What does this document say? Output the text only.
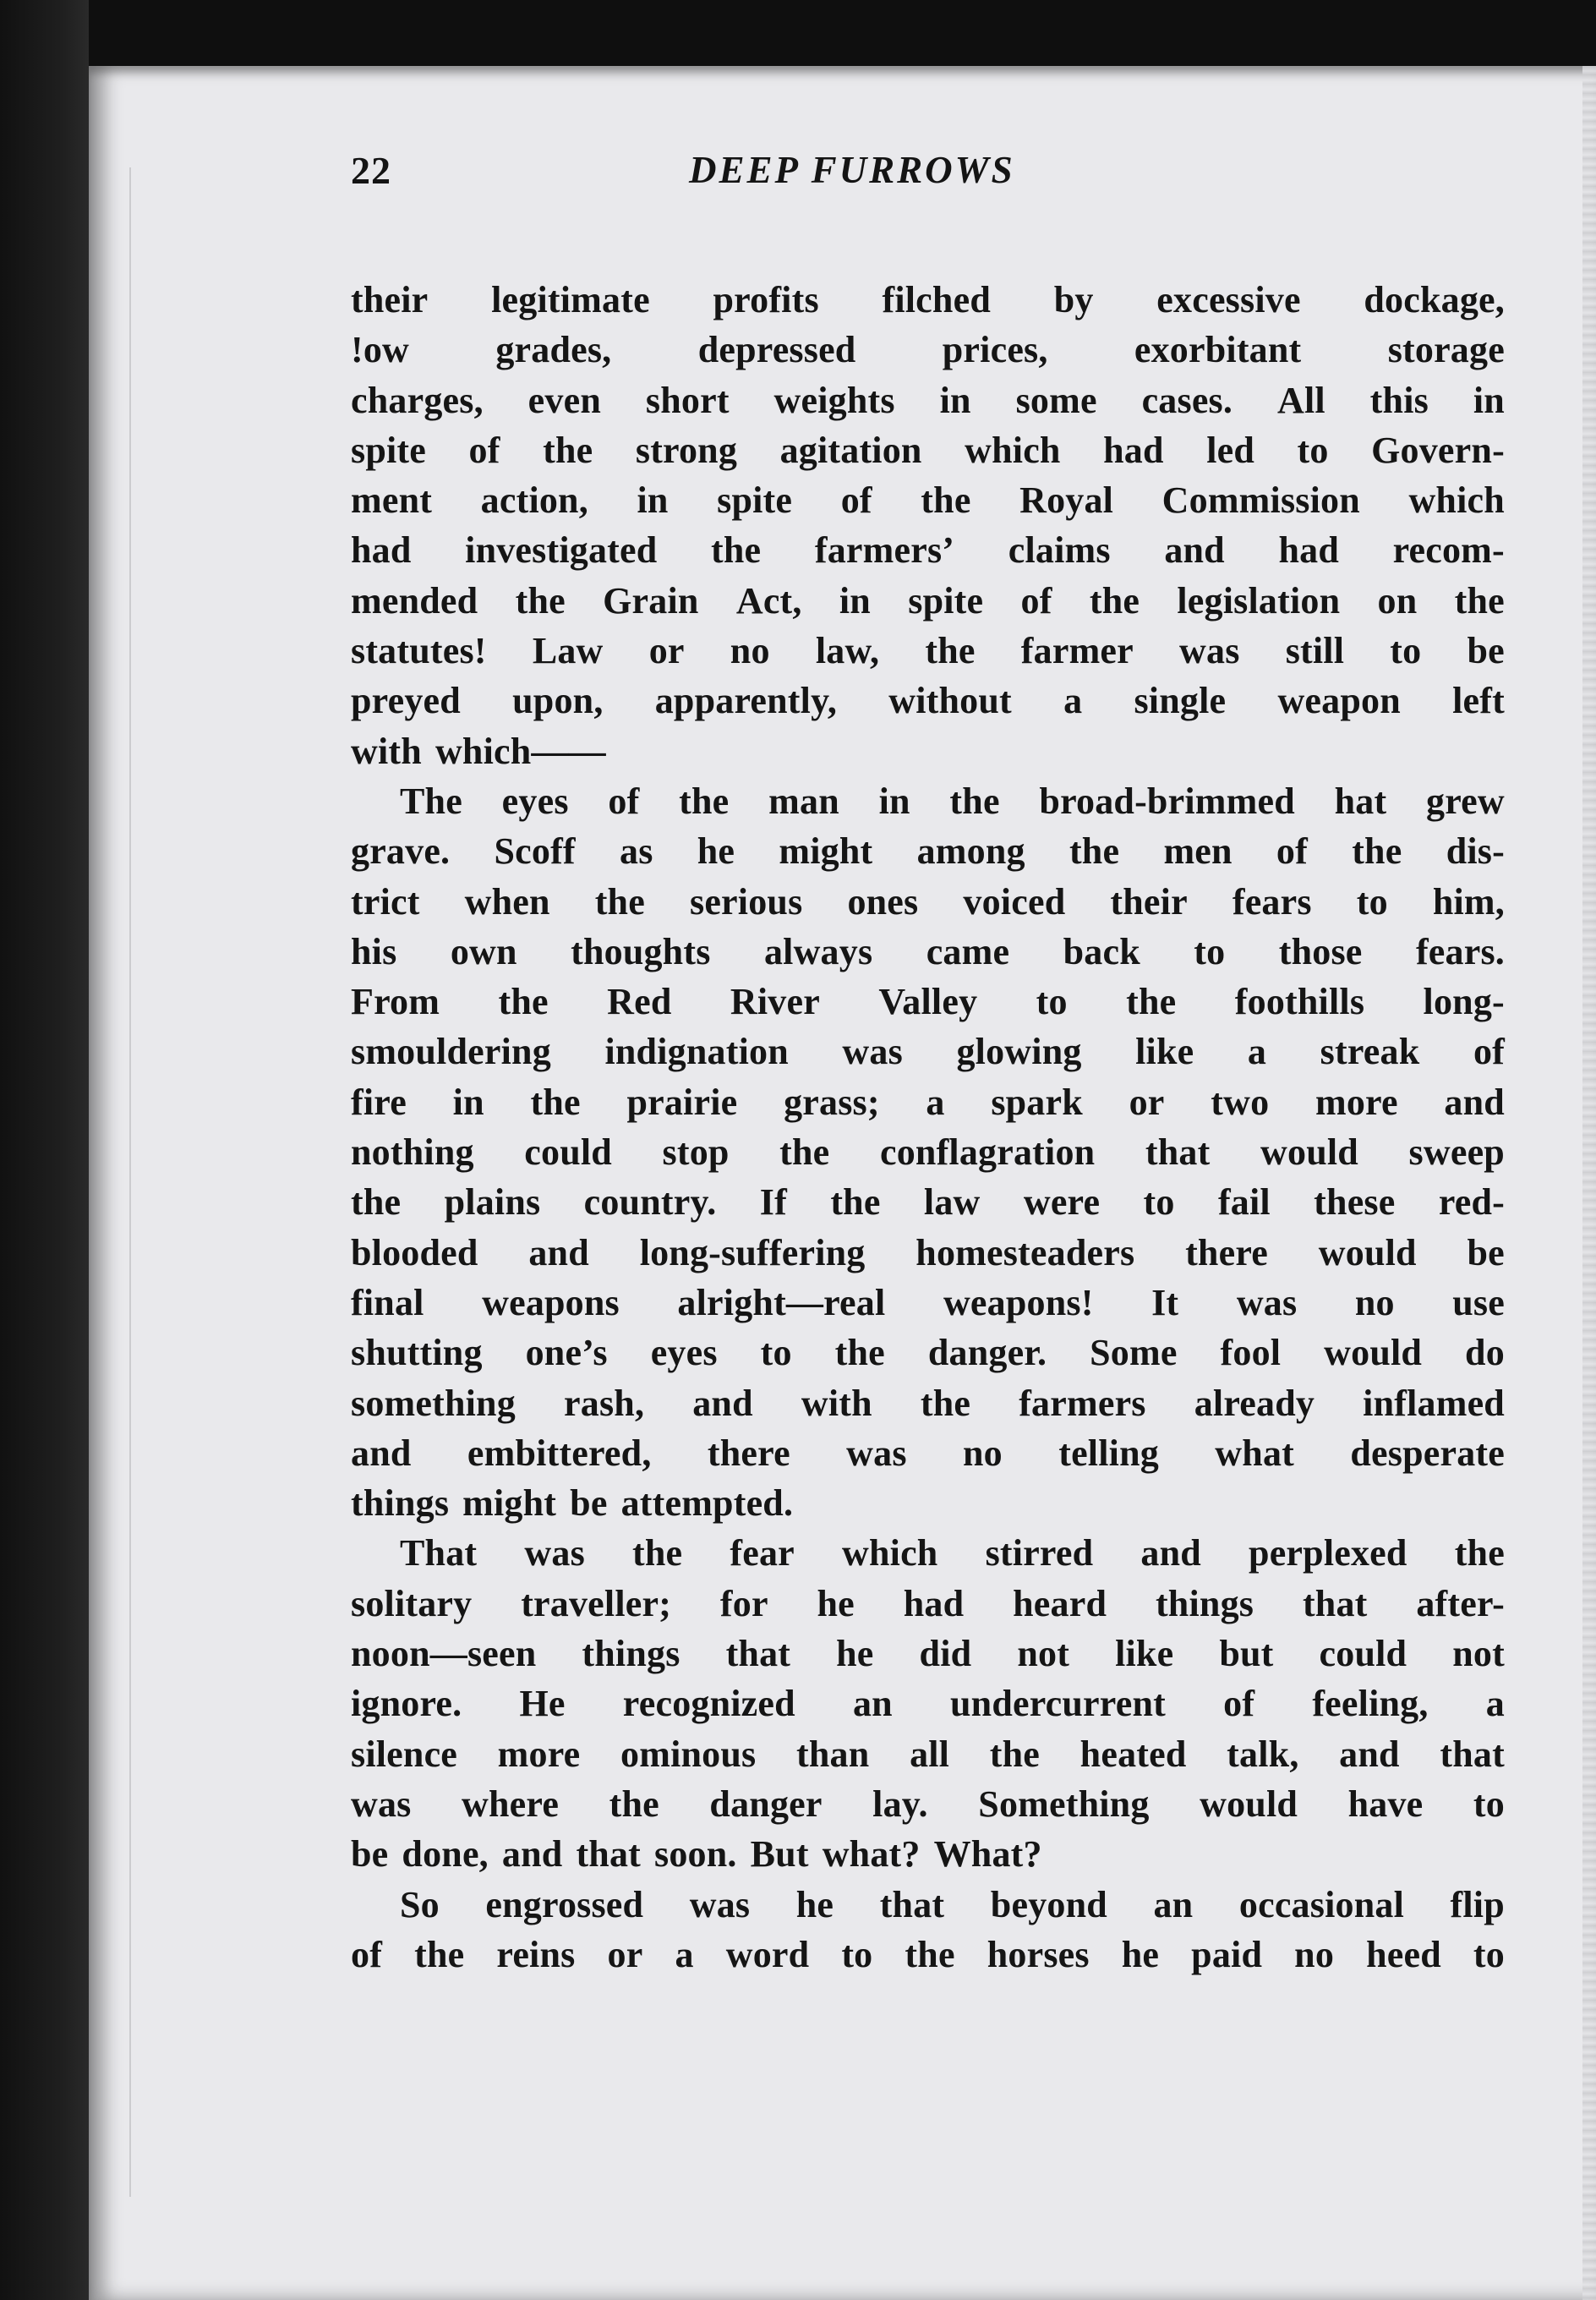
22	DEEP FURROWS
their legitimate profits filched by excessive dockage,
!ow grades, depressed prices, exorbitant storage
charges, even short weights in some cases. All this in
spite of the strong agitation which had led to Govern-
ment action, in spite of the Royal Commission which
had investigated the farmers’ claims and had recom-
mended the Grain Act, in spite of the legislation on the
statutes! Law or no law, the farmer was still to be
preyed upon, apparently, without a single weapon left
with which——
The eyes of the man in the broad-brimmed hat grew
grave. Scoff as he might among the men of the dis-
trict when the serious ones voiced their fears to him,
his own thoughts always came back to those fears.
From the Red River Valley to the foothills long-
smouldering indignation was glowing like a streak of
fire in the prairie grass; a spark or two more and
nothing could stop the conflagration that would sweep
the plains country. If the law were to fail these red-
blooded and long-suffering homesteaders there would be
final weapons alright—real weapons! It was no use
shutting one’s eyes to the danger. Some fool would do
something rash, and with the farmers already inflamed
and embittered, there was no telling what desperate
things might be attempted.
That was the fear which stirred and perplexed the
solitary traveller; for he had heard things that after-
noon—seen things that he did not like but could not
ignore. He recognized an undercurrent of feeling, a
silence more ominous than all the heated talk, and that
was where the danger lay. Something would have to
be done, and that soon. But what? What?
So engrossed was he that beyond an occasional flip
of the reins or a word to the horses he paid no heed to
